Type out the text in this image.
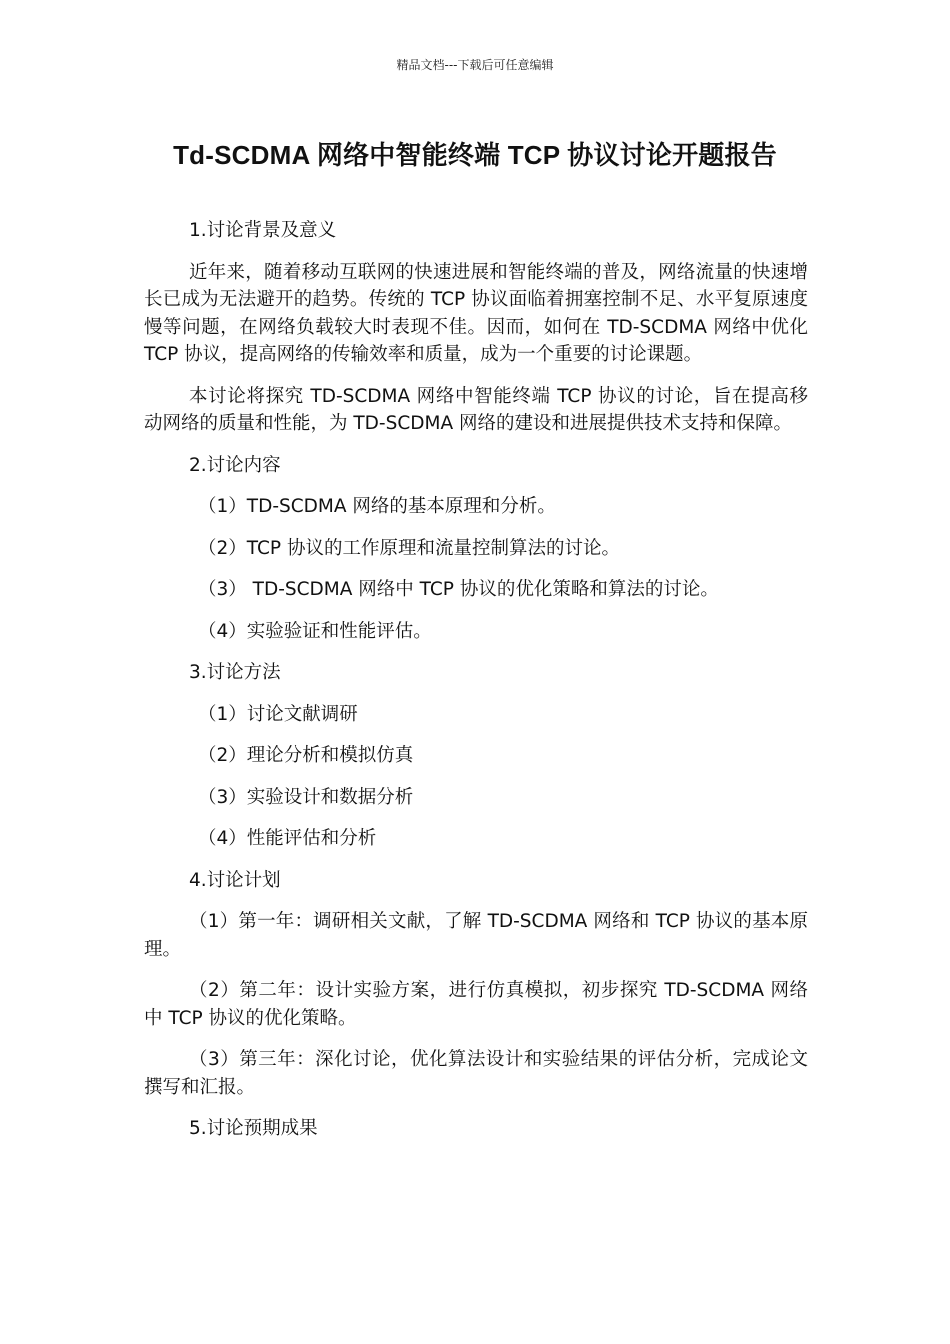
精品文档---下载后可任意编辑
Td-SCDMA 网络中智能终端 TCP 协议讨论开题报告

1.讨论背景及意义

近年来，随着移动互联网的快速进展和智能终端的普及，网络流量的快速增长已成为无法避开的趋势。传统的 TCP 协议面临着拥塞控制不足、水平复原速度慢等问题，在网络负载较大时表现不佳。因而，如何在 TD-SCDMA 网络中优化 TCP 协议，提高网络的传输效率和质量，成为一个重要的讨论课题。

本讨论将探究 TD-SCDMA 网络中智能终端 TCP 协议的讨论，旨在提高移动网络的质量和性能，为 TD-SCDMA 网络的建设和进展提供技术支持和保障。

2.讨论内容

（1）TD-SCDMA 网络的基本原理和分析。

（2）TCP 协议的工作原理和流量控制算法的讨论。

（3） TD-SCDMA 网络中 TCP 协议的优化策略和算法的讨论。

（4）实验验证和性能评估。

3.讨论方法

（1）讨论文献调研

（2）理论分析和模拟仿真

（3）实验设计和数据分析

（4）性能评估和分析

4.讨论计划

（1）第一年：调研相关文献，了解 TD-SCDMA 网络和 TCP 协议的基本原理。

（2）第二年：设计实验方案，进行仿真模拟，初步探究 TD-SCDMA 网络中 TCP 协议的优化策略。

（3）第三年：深化讨论，优化算法设计和实验结果的评估分析，完成论文撰写和汇报。

5.讨论预期成果
